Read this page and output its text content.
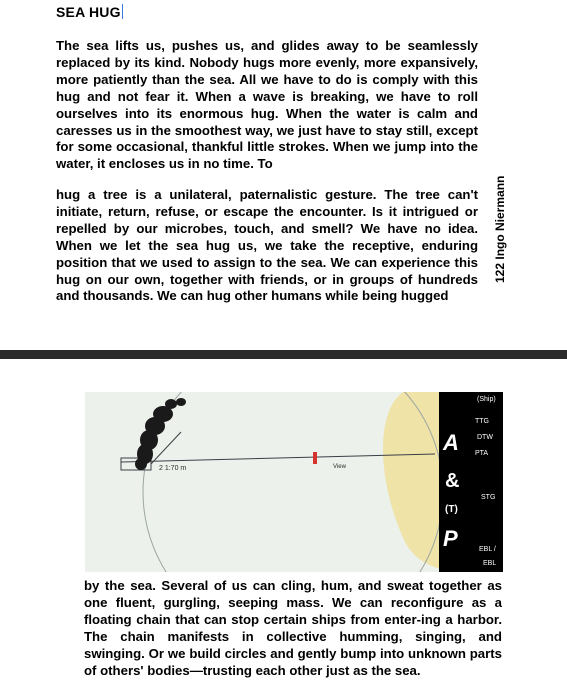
SEA HUG

The sea lifts us, pushes us, and glides away to be seamlessly replaced by its kind. Nobody hugs more evenly, more expansively, more patiently than the sea. All we have to do is comply with this hug and not fear it. When a wave is breaking, we have to roll ourselves into its enormous hug. When the water is calm and caresses us in the smoothest way, we just have to stay still, except for some occasional, thankful little strokes. When we jump into the water, it encloses us in no time. To

hug a tree is a unilateral, paternalistic gesture. The tree can't initiate, return, refuse, or escape the encounter. Is it intrigued or repelled by our microbes, touch, and smell? We have no idea. When we let the sea hug us, we take the receptive, enduring position that we used to assign to the sea. We can experience this hug on our own, together with friends, or in groups of hundreds and thousands. We can hug other humans while being hugged

122 Ingo Niermann
2 1:70 m	View
(Ship)
TTG
A	DTW
PTA
&
STG
(T)
P	EBL /
EBL

by the sea. Several of us can cling, hum, and sweat together as one fluent, gurgling, seeping mass. We can reconfigure as a floating chain that can stop certain ships from enter-ing a harbor. The chain manifests in collective humming, singing, and swinging. Or we build circles and gently bump into unknown parts of others' bodies—trusting each other just as the sea.
